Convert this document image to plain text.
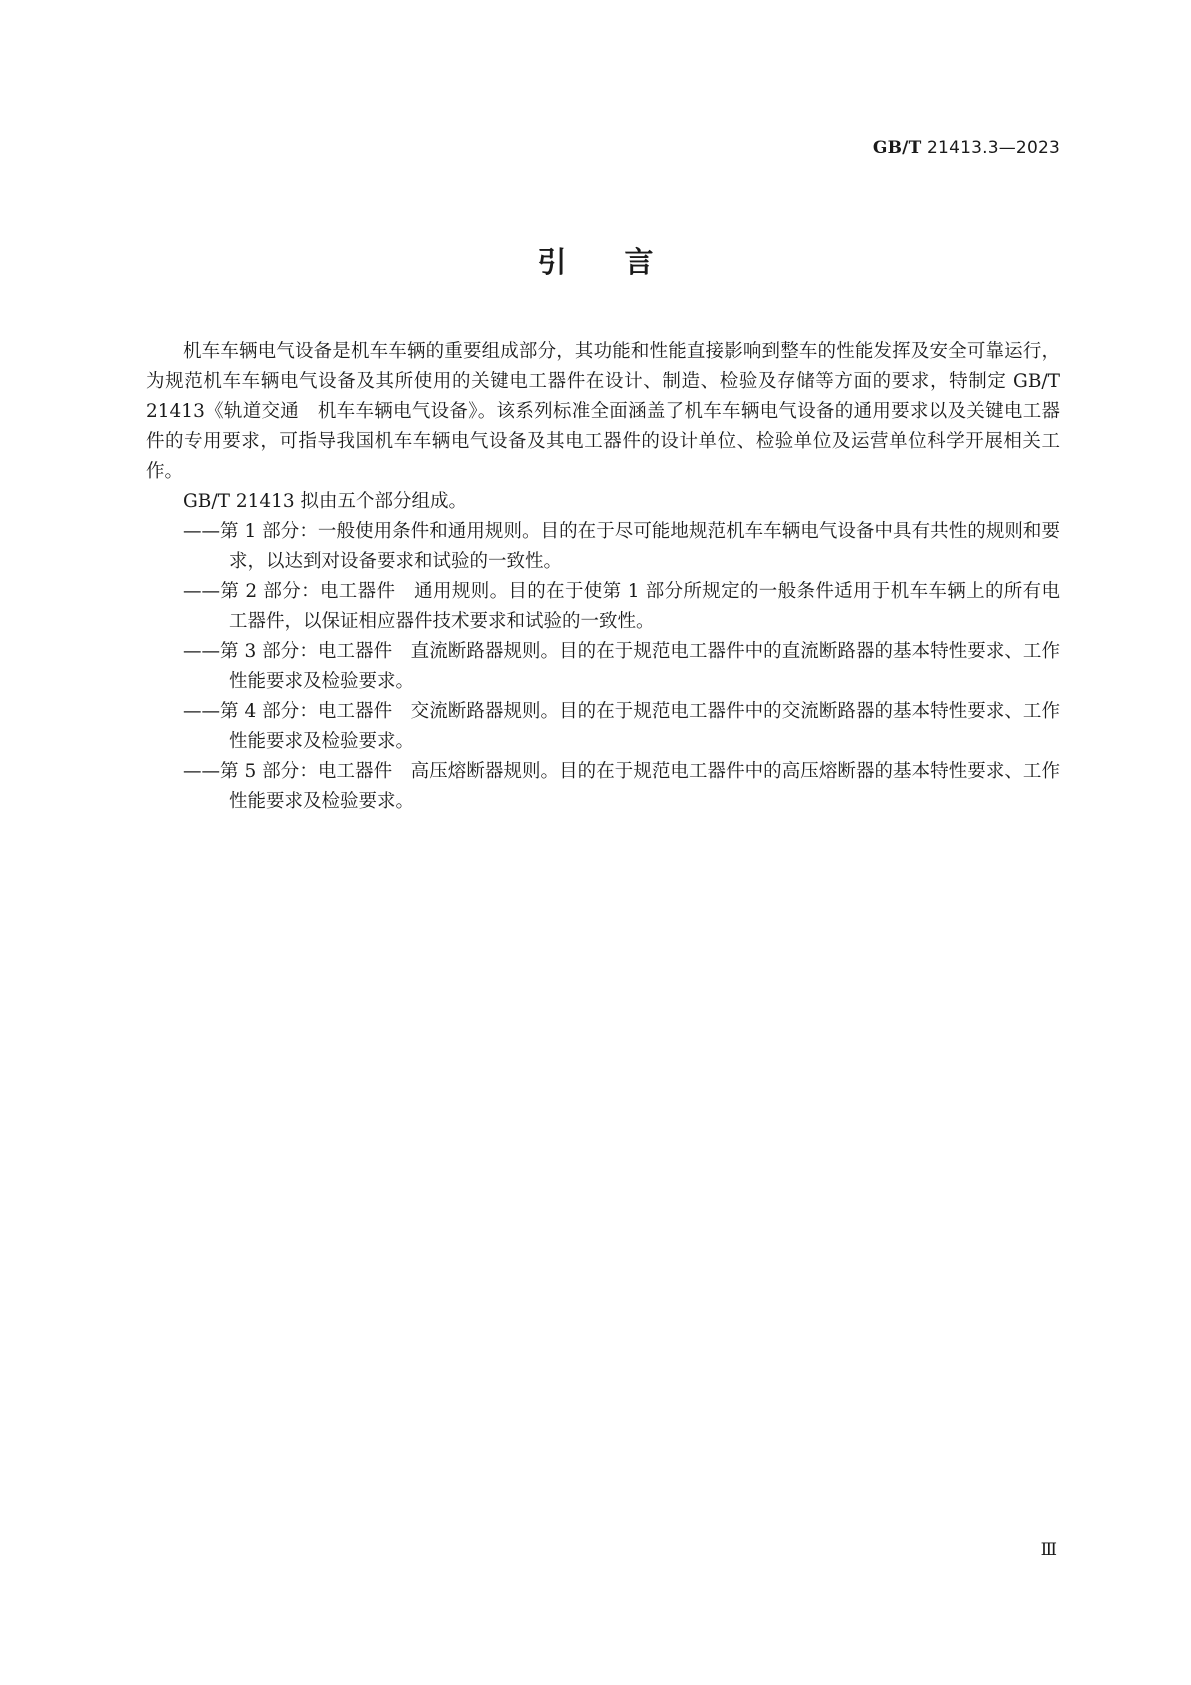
GB/T 21413.3—2023
引言

机车车辆电气设备是机车车辆的重要组成部分，其功能和性能直接影响到整车的性能发挥及安全可靠运行，为规范机车车辆电气设备及其所使用的关键电工器件在设计、制造、检验及存储等方面的要求，特制定 GB/T 21413《轨道交通　机车车辆电气设备》。该系列标准全面涵盖了机车车辆电气设备的通用要求以及关键电工器件的专用要求，可指导我国机车车辆电气设备及其电工器件的设计单位、检验单位及运营单位科学开展相关工作。

GB/T 21413 拟由五个部分组成。

——第 1 部分：一般使用条件和通用规则。目的在于尽可能地规范机车车辆电气设备中具有共性的规则和要求，以达到对设备要求和试验的一致性。

——第 2 部分：电工器件　通用规则。目的在于使第 1 部分所规定的一般条件适用于机车车辆上的所有电工器件，以保证相应器件技术要求和试验的一致性。

——第 3 部分：电工器件　直流断路器规则。目的在于规范电工器件中的直流断路器的基本特性要求、工作性能要求及检验要求。

——第 4 部分：电工器件　交流断路器规则。目的在于规范电工器件中的交流断路器的基本特性要求、工作性能要求及检验要求。

——第 5 部分：电工器件　高压熔断器规则。目的在于规范电工器件中的高压熔断器的基本特性要求、工作性能要求及检验要求。

Ⅲ
